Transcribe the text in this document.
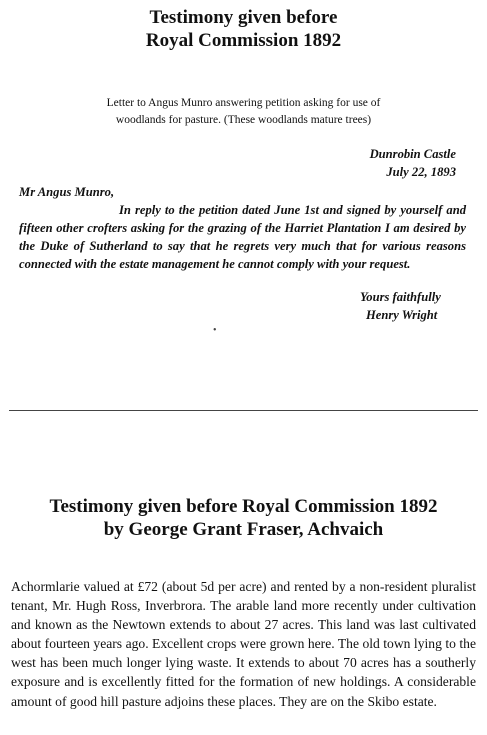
Testimony given before
Royal Commission 1892
Letter to Angus Munro answering petition asking for use of
woodlands for pasture. (These woodlands mature trees)
Dunrobin Castle
July 22, 1893
Mr Angus Munro,
In reply to the petition dated June 1st and signed by yourself and fifteen other crofters asking for the grazing of the Harriet Plantation I am desired by the Duke of Sutherland to say that he regrets very much that for various reasons connected with the estate management he cannot comply with your request.
Yours faithfully
Henry Wright
•
Testimony given before Royal Commission 1892
by George Grant Fraser, Achvaich
Achormlarie valued at £72 (about 5d per acre) and rented by a non-resident pluralist tenant, Mr. Hugh Ross, Inverbrora. The arable land more recently under cultivation and known as the Newtown extends to about 27 acres. This land was last cultivated about fourteen years ago. Excellent crops were grown here. The old town lying to the west has been much longer lying waste. It extends to about 70 acres has a southerly exposure and is excellently fitted for the formation of new holdings. A considerable amount of good hill pasture adjoins these places. They are on the Skibo estate.
